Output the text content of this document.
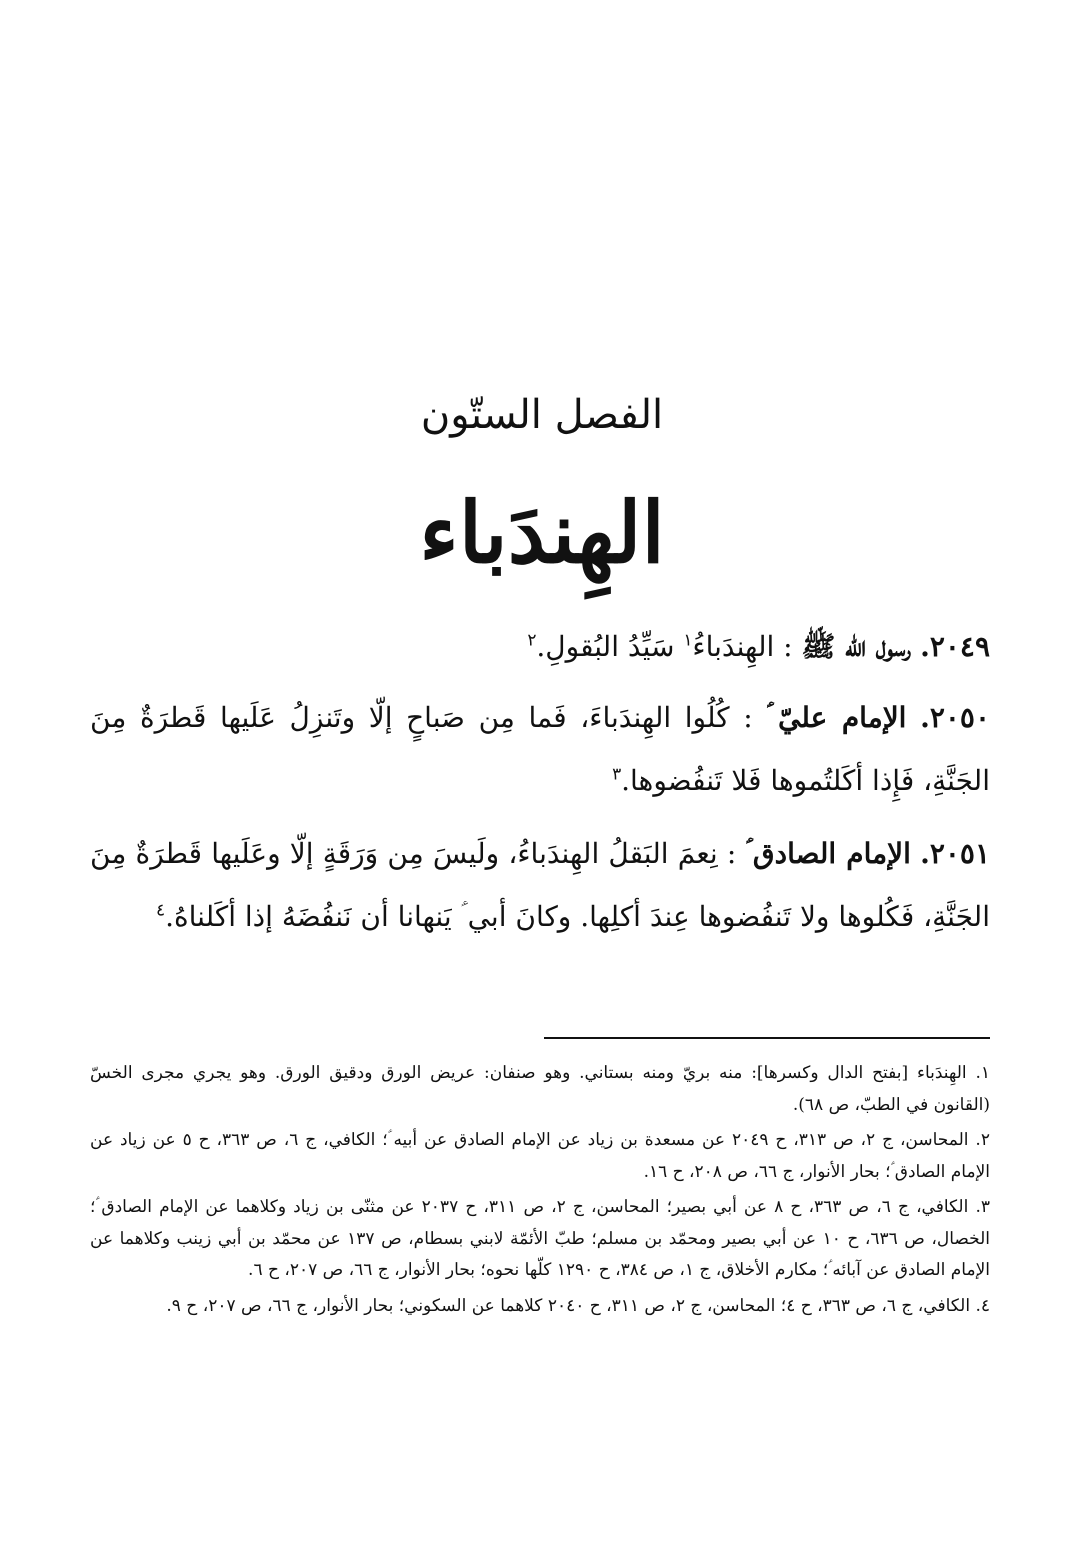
الفصل الستّون
الهِندَباء
٢٠٤٩. رسول الله ﷺ : الهِندَباءُ$^١$ سَيِّدُ البُقولِ.$^٢$
٢٠٥٠. الإمام عليّ ؑ : كُلُوا الهِندَباءَ، فَما مِن صَباحٍ إلّا وتَنزِلُ عَلَيها قَطرَةٌ مِنَ الجَنَّةِ، فَإِذا أكَلتُموها فَلا تَنفُضوها.$^٣$
٢٠٥١. الإمام الصادق ؑ : نِعمَ البَقلُ الهِندَباءُ، ولَيسَ مِن وَرَقَةٍ إلّا وعَلَيها قَطرَةٌ مِنَ الجَنَّةِ، فَكُلوها ولا تَنفُضوها عِندَ أكلِها. وكانَ أبي ؑ يَنهانا أن نَنفُضَهُ إذا أكَلناهُ.$^٤$

١. الهِندَباء [بفتح الدال وكسرها]: منه بريّ ومنه بستاني. وهو صنفان: عريض الورق ودقيق الورق. وهو يجري مجرى الخسّ (القانون في الطبّ، ص ٦٨).

٢. المحاسن، ج ٢، ص ٣١٣، ح ٢٠٤٩ عن مسعدة بن زياد عن الإمام الصادق عن أبيه ؑ؛ الكافي، ج ٦، ص ٣٦٣، ح ٥ عن زياد عن الإمام الصادق ؑ؛ بحار الأنوار، ج ٦٦، ص ٢٠٨، ح ١٦.

٣. الكافي، ج ٦، ص ٣٦٣، ح ٨ عن أبي بصير؛ المحاسن، ج ٢، ص ٣١١، ح ٢٠٣٧ عن مثنّى بن زياد وكلاهما عن الإمام الصادق ؑ؛ الخصال، ص ٦٣٦، ح ١٠ عن أبي بصير ومحمّد بن مسلم؛ طبّ الأئمّة لابني بسطام، ص ١٣٧ عن محمّد بن أبي زينب وكلاهما عن الإمام الصادق عن آبائه ؑ؛ مكارم الأخلاق، ج ١، ص ٣٨٤، ح ١٢٩٠ كلّها نحوه؛ بحار الأنوار، ج ٦٦، ص ٢٠٧، ح ٦.

٤. الكافي، ج ٦، ص ٣٦٣، ح ٤؛ المحاسن، ج ٢، ص ٣١١، ح ٢٠٤٠ كلاهما عن السكوني؛ بحار الأنوار، ج ٦٦، ص ٢٠٧، ح ٩.
